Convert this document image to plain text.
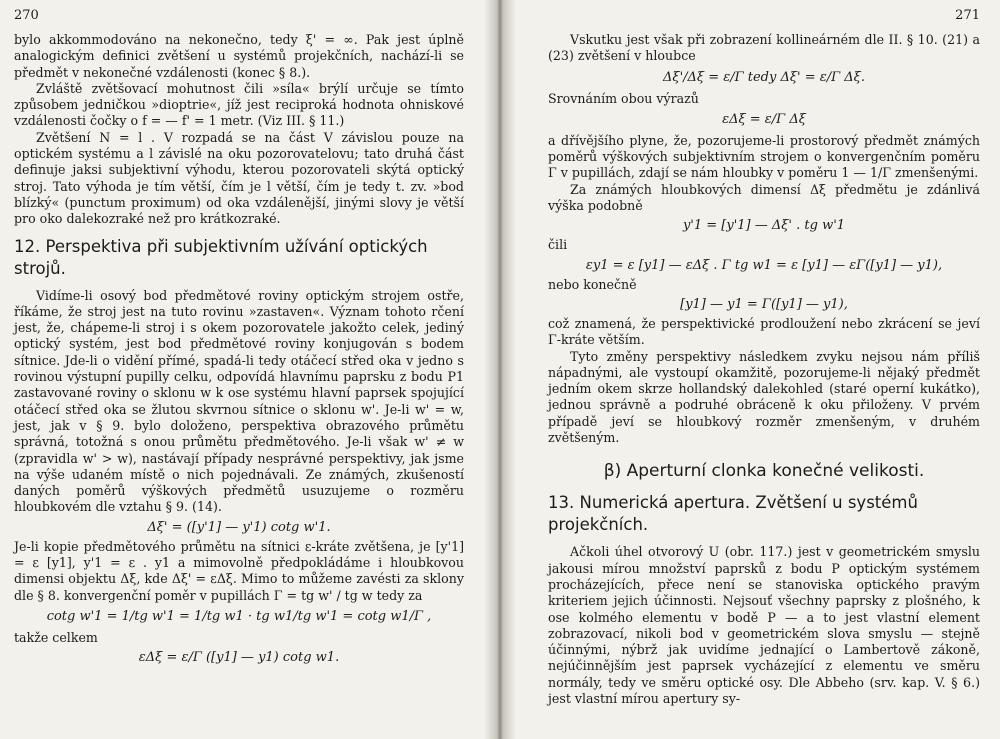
270

bylo akkommodováno na nekonečno, tedy ξ' = ∞. Pak jest úplně analogickým definici zvětšení u systémů projekčních, nachází-li se předmět v nekonečné vzdálenosti (konec § 8.).

Zvláště zvětšovací mohutnost čili »síla« brýlí určuje se tímto způsobem jedničkou »dioptrie«, jíž jest reciproká hodnota ohniskové vzdálenosti čočky o f = — f' = 1 metr. (Viz III. § 11.)

Zvětšení N = l . V rozpadá se na část V závislou pouze na optickém systému a l závislé na oku pozorovatelovu; tato druhá část definuje jaksi subjektivní výhodu, kterou pozorovateli skýtá optický stroj. Tato výhoda je tím větší, čím je l větší, čím je tedy t. zv. »bod blízký« (punctum proximum) od oka vzdálenější, jinými slovy je větší pro oko dalekozraké než pro krátkozraké.

12. Perspektiva při subjektivním užívání optických strojů.

Vidíme-li osový bod předmětové roviny optickým strojem ostře, říkáme, že stroj jest na tuto rovinu »zastaven«. Význam tohoto rčení jest, že, chápeme-li stroj i s okem pozorovatele jakožto celek, jediný optický systém, jest bod předmětové roviny konjugován s bodem sítnice. Jde-li o vidění přímé, spadá-li tedy otáčecí střed oka v jedno s rovinou výstupní pupilly celku, odpovídá hlavnímu paprsku z bodu P1 zastavované roviny o sklonu w k ose systému hlavní paprsek spojující otáčecí střed oka se žlutou skvrnou sítnice o sklonu w'. Je-li w' = w, jest, jak v § 9. bylo doloženo, perspektiva obrazového průmětu správná, totožná s onou průmětu předmětového. Je-li však w' ≠ w (zpravidla w' > w), nastávají případy nesprávné perspektivy, jak jsme na výše udaném místě o nich pojednávali. Ze známých, zkušeností daných poměrů výškových předmětů usuzujeme o rozměru hloubkovém dle vztahu § 9. (14).

Δξ' = ([y'1] — y'1) cotg w'1.

Je-li kopie předmětového průmětu na sítnici ε-kráte zvětšena, je [y'1] = ε [y1], y'1 = ε . y1 a mimovolně předpokládáme i hloubkovou dimensi objektu Δξ, kde Δξ' = εΔξ. Mimo to můžeme zavésti za sklony dle § 8. konvergenční poměr v pupillách Γ = tg w' / tg w tedy za

cotg w'1 = 1/tg w'1 = 1/tg w1 · tg w1/tg w'1 = cotg w1/Γ ,

takže celkem

εΔξ = ε/Γ ([y1] — y1) cotg w1.
271

Vskutku jest však při zobrazení kollineárném dle II. § 10. (21) a (23) zvětšení v hloubce

Δξ'/Δξ = ε/Γ tedy Δξ' = ε/Γ Δξ.

Srovnáním obou výrazů

εΔξ = ε/Γ Δξ

a dřívějšího plyne, že, pozorujeme-li prostorový předmět známých poměrů výškových subjektivním strojem o konvergenčním poměru Γ v pupillách, zdají se nám hloubky v poměru 1 — 1/Γ zmenšenými.

Za známých hloubkových dimensí Δξ předmětu je zdánlivá výška podobně

y'1 = [y'1] — Δξ' . tg w'1

čili

εy1 = ε [y1] — εΔξ . Γ tg w1 = ε [y1] — εΓ([y1] — y1),

nebo konečně

[y1] — y1 = Γ([y1] — y1),

což znamená, že perspektivické prodloužení nebo zkrácení se jeví Γ-kráte větším.

Tyto změny perspektivy následkem zvyku nejsou nám příliš nápadnými, ale vystoupí okamžitě, pozorujeme-li nějaký předmět jedním okem skrze hollandský dalekohled (staré operní kukátko), jednou správně a podruhé obráceně k oku přiloženy. V prvém případě jeví se hloubkový rozměr zmenšeným, v druhém zvětšeným.

β) Aperturní clonka konečné velikosti.
13. Numerická apertura. Zvětšení u systémů projekčních.

Ačkoli úhel otvorový U (obr. 117.) jest v geometrickém smyslu jakousi mírou množství paprsků z bodu P optickým systémem procházejících, přece není se stanoviska optického pravým kriteriem jejich účinnosti. Nejsouť všechny paprsky z plošného, k ose kolmého elementu v bodě P — a to jest vlastní element zobrazovací, nikoli bod v geometrickém slova smyslu — stejně účinnými, nýbrž jak uvidíme jednající o Lambertově zákoně, nejúčinnějším jest paprsek vycházející z elementu ve směru normály, tedy ve směru optické osy. Dle Abbeho (srv. kap. V. § 6.) jest vlastní mírou apertury sy-
